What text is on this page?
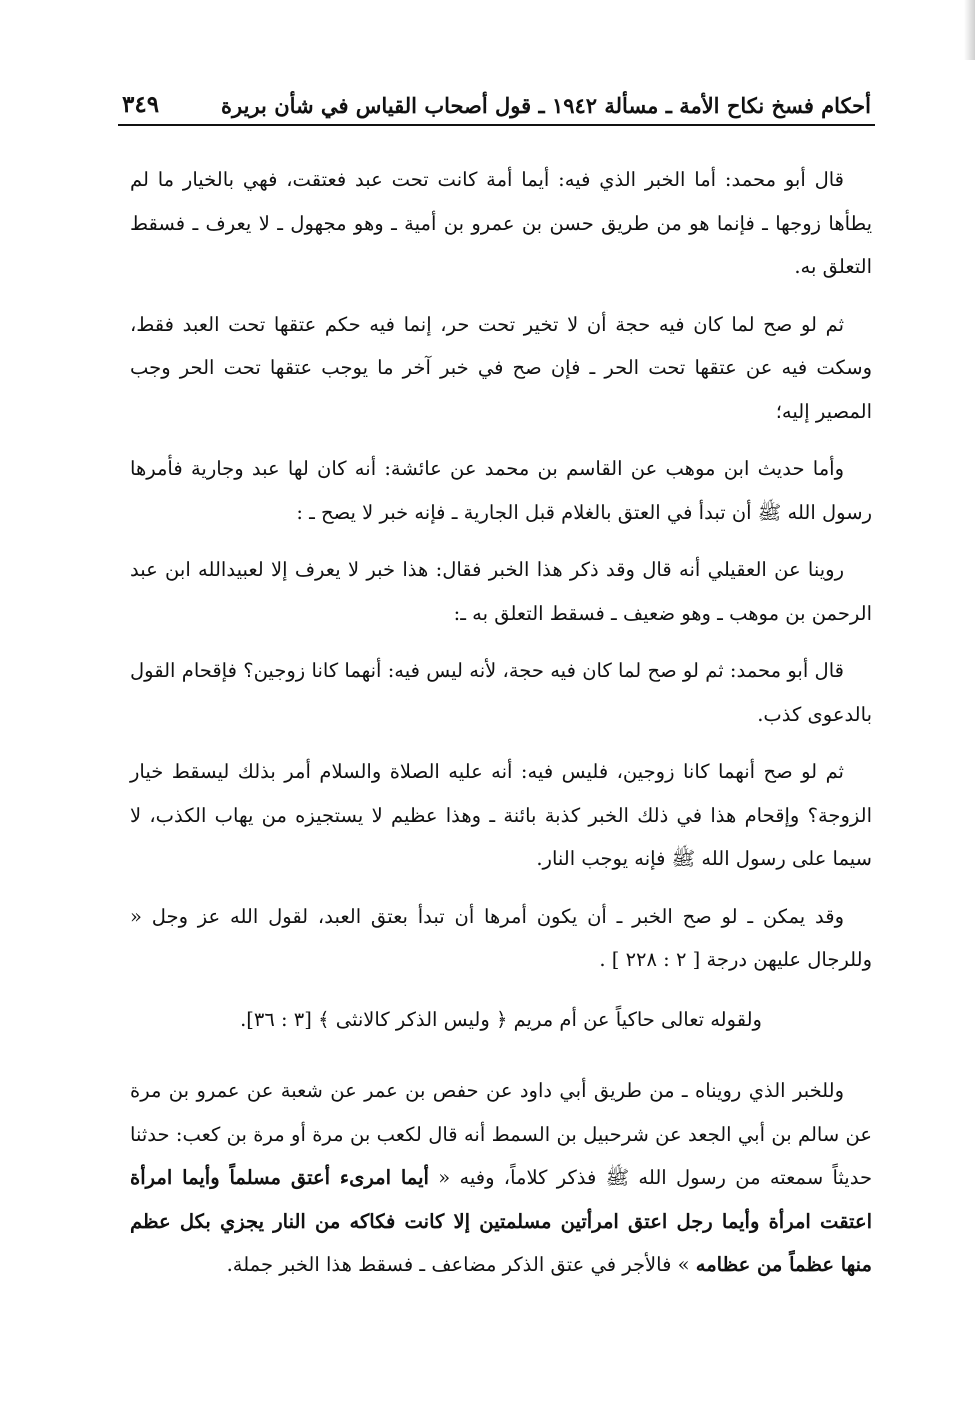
أحكام فسخ نكاح الأمة ـ مسألة ١٩٤٢ ـ قول أصحاب القياس في شأن بريرة
٣٤٩

قال أبو محمد: أما الخبر الذي فيه: أيما أمة كانت تحت عبد فعتقت، فهي بالخيار ما لم يطأها زوجها ـ فإنما هو من طريق حسن بن عمرو بن أمية ـ وهو مجهول ـ لا يعرف ـ فسقط التعلق به.

ثم لو صح لما كان فيه حجة أن لا تخير تحت حر، إنما فيه حكم عتقها تحت العبد فقط، وسكت فيه عن عتقها تحت الحر ـ فإن صح في خبر آخر ما يوجب عتقها تحت الحر وجب المصير إليه؛

وأما حديث ابن موهب عن القاسم بن محمد عن عائشة: أنه كان لها عبد وجارية فأمرها رسول الله ﷺ أن تبدأ في العتق بالغلام قبل الجارية ـ فإنه خبر لا يصح ـ :

روينا عن العقيلي أنه قال وقد ذكر هذا الخبر فقال: هذا خبر لا يعرف إلا لعبيدالله ابن عبد الرحمن بن موهب ـ وهو ضعيف ـ فسقط التعلق به ـ:

قال أبو محمد: ثم لو صح لما كان فيه حجة، لأنه ليس فيه: أنهما كانا زوجين؟ فإقحام القول بالدعوى كذب.

ثم لو صح أنهما كانا زوجين، فليس فيه: أنه عليه الصلاة والسلام أمر بذلك ليسقط خيار الزوجة؟ وإقحام هذا في ذلك الخبر كذبة بائنة ـ وهذا عظيم لا يستجيزه من يهاب الكذب، لا سيما على رسول الله ﷺ فإنه يوجب النار.

وقد يمكن ـ لو صح الخبر ـ أن يكون أمرها أن تبدأ بعتق العبد، لقول الله عز وجل « وللرجال عليهن درجة [ ٢ : ٢٢٨ ] .

ولقوله تعالى حاكياً عن أم مريم ﴿ وليس الذكر كالانثى ﴾ [٣ : ٣٦].

وللخبر الذي رويناه ـ من طريق أبي داود عن حفص بن عمر عن شعبة عن عمرو بن مرة عن سالم بن أبي الجعد عن شرحبيل بن السمط أنه قال لكعب بن مرة أو مرة بن كعب: حدثنا حديثاً سمعته من رسول الله ﷺ فذكر كلاماً، وفيه « أيما امرىء أعتق مسلماً وأيما امرأة اعتقت امرأة وأيما رجل اعتق امرأتين مسلمتين إلا كانت فكاكه من النار يجزي بكل عظم منها عظماً من عظامه » فالأجر في عتق الذكر مضاعف ـ فسقط هذا الخبر جملة.
